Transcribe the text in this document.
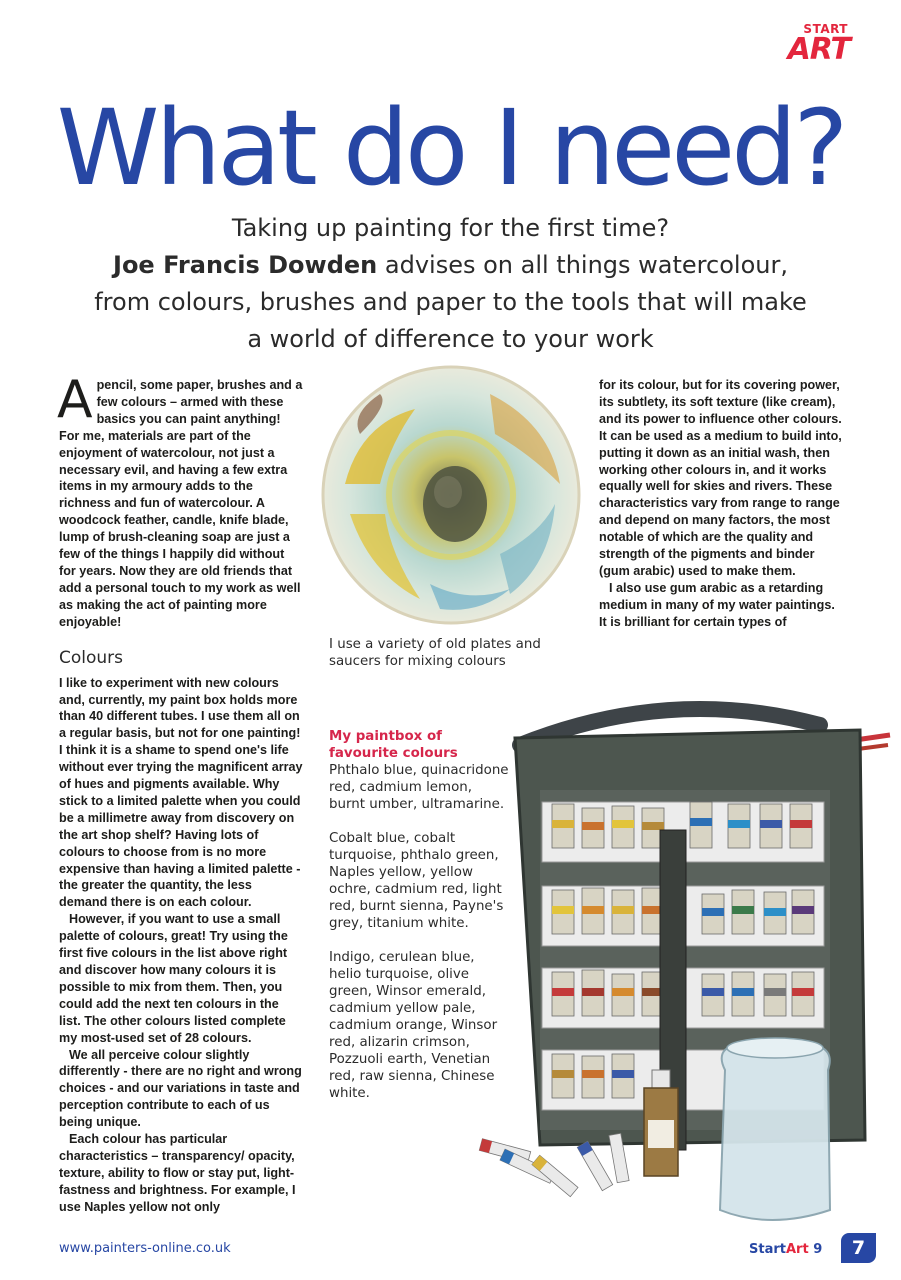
START
ART
What do I need?
Taking up painting for the first time?
Joe Francis Dowden advises on all things watercolour,
from colours, brushes and paper to the tools that will make
a world of difference to your work

A pencil, some paper, brushes and a few colours – armed with these basics you can paint anything! For me, materials are part of the enjoyment of watercolour, not just a necessary evil, and having a few extra items in my armoury adds to the richness and fun of watercolour. A woodcock feather, candle, knife blade, lump of brush-cleaning soap are just a few of the things I happily did without for years. Now they are old friends that add a personal touch to my work as well as making the act of painting more enjoyable!

Colours

I like to experiment with new colours and, currently, my paint box holds more than 40 different tubes. I use them all on a regular basis, but not for one painting! I think it is a shame to spend one's life without ever trying the magnificent array of hues and pigments available. Why stick to a limited palette when you could be a millimetre away from discovery on the art shop shelf? Having lots of colours to choose from is no more expensive than having a limited palette - the greater the quantity, the less demand there is on each colour.

However, if you want to use a small palette of colours, great! Try using the first five colours in the list above right and discover how many colours it is possible to mix from them. Then, you could add the next ten colours in the list. The other colours listed complete my most-used set of 28 colours.

We all perceive colour slightly differently - there are no right and wrong choices - and our variations in taste and perception contribute to each of us being unique.

Each colour has particular characteristics – transparency/ opacity, texture, ability to flow or stay put, light-fastness and brightness. For example, I use Naples yellow not only

I use a variety of old plates and saucers for mixing colours

for its colour, but for its covering power, its subtlety, its soft texture (like cream), and its power to influence other colours. It can be used as a medium to build into, putting it down as an initial wash, then working other colours in, and it works equally well for skies and rivers. These characteristics vary from range to range and depend on many factors, the most notable of which are the quality and strength of the pigments and binder (gum arabic) used to make them.

I also use gum arabic as a retarding medium in many of my water paintings. It is brilliant for certain types of

My paintbox of favourite colours

Phthalo blue, quinacridone red, cadmium lemon, burnt umber, ultramarine.

Cobalt blue, cobalt turquoise, phthalo green, Naples yellow, yellow ochre, cadmium red, light red, burnt sienna, Payne's grey, titanium white.

Indigo, cerulean blue, helio turquoise, olive green, Winsor emerald, cadmium yellow pale, cadmium orange, Winsor red, alizarin crimson, Pozzuoli earth, Venetian red, raw sienna, Chinese white.

www.painters-online.co.uk	StartArt 9	7
